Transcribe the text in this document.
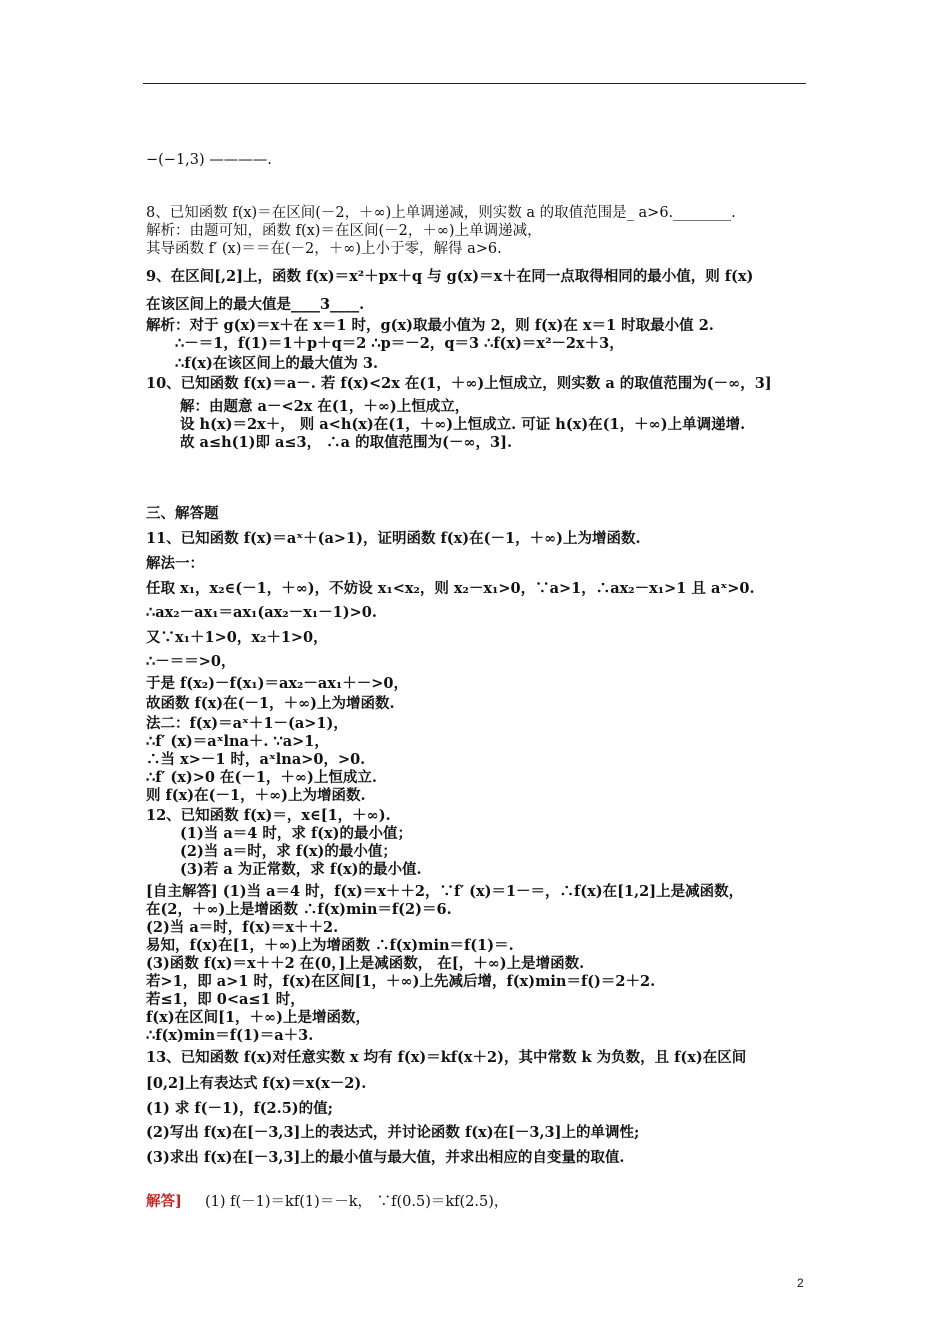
−(−1,3) ————.
8、已知函数 f(x)＝在区间(－2，＋∞)上单调递减，则实数 a 的取值范围是_ a>6.________.
解析：由题可知，函数 f(x)＝在区间(－2，＋∞)上单调递减，
其导函数 f′ (x)＝＝在(－2，＋∞)上小于零，解得 a>6.
9、在区间[,2]上，函数 f(x)＝x²＋px＋q 与 g(x)＝x＋在同一点取得相同的最小值，则 f(x)
在该区间上的最大值是____3____.
解析：对于 g(x)＝x＋在 x＝1 时，g(x)取最小值为 2，则 f(x)在 x＝1 时取最小值 2.
∴－＝1，f(1)＝1＋p＋q＝2 ∴p＝－2，q＝3 ∴f(x)＝x²－2x＋3，
∴f(x)在该区间上的最大值为 3.
10、已知函数 f(x)＝a－. 若 f(x)<2x 在(1，＋∞)上恒成立，则实数 a 的取值范围为(－∞，3]
解：由题意 a－<2x 在(1，＋∞)上恒成立，
设 h(x)＝2x＋， 则 a<h(x)在(1，＋∞)上恒成立. 可证 h(x)在(1，＋∞)上单调递增.
故 a≤h(1)即 a≤3， ∴a 的取值范围为(－∞，3].
三、解答题
11、已知函数 f(x)＝aˣ＋(a>1)，证明函数 f(x)在(－1，＋∞)上为增函数.
解法一：
任取 x₁，x₂∈(－1，＋∞)，不妨设 x₁<x₂，则 x₂－x₁>0，∵a>1，∴ax₂－x₁>1 且 aˣ>0.
∴ax₂－ax₁＝ax₁(ax₂－x₁－1)>0.
又∵x₁＋1>0，x₂＋1>0，
∴－＝＝>0，
于是 f(x₂)－f(x₁)＝ax₂－ax₁＋－>0，
故函数 f(x)在(－1，＋∞)上为增函数.
法二：f(x)＝aˣ＋1－(a>1)，
∴f′ (x)＝aˣlna＋. ∵a>1，
∴当 x>－1 时，aˣlna>0，>0.
∴f′ (x)>0 在(－1，＋∞)上恒成立.
则 f(x)在(－1，＋∞)上为增函数.
12、已知函数 f(x)＝，x∈[1，＋∞).
(1)当 a＝4 时，求 f(x)的最小值；
(2)当 a＝时，求 f(x)的最小值；
(3)若 a 为正常数，求 f(x)的最小值.
[自主解答] (1)当 a＝4 时，f(x)＝x＋＋2，∵f′ (x)＝1－＝，∴f(x)在[1,2]上是减函数，
在(2，＋∞)上是增函数 ∴f(x)min＝f(2)＝6.
(2)当 a＝时，f(x)＝x＋＋2.
易知，f(x)在[1，＋∞)上为增函数 ∴f(x)min＝f(1)＝.
(3)函数 f(x)＝x＋＋2 在(0，]上是减函数， 在[，＋∞)上是增函数.
若>1，即 a>1 时，f(x)在区间[1，＋∞)上先减后增，f(x)min＝f()＝2＋2.
若≤1，即 0<a≤1 时，
f(x)在区间[1，＋∞)上是增函数，
∴f(x)min＝f(1)＝a＋3.
13、已知函数 f(x)对任意实数 x 均有 f(x)＝kf(x＋2)，其中常数 k 为负数，且 f(x)在区间
[0,2]上有表达式 f(x)＝x(x－2).
(1) 求 f(－1)，f(2.5)的值;
(2)写出 f(x)在[－3,3]上的表达式，并讨论函数 f(x)在[－3,3]上的单调性;
(3)求出 f(x)在[－3,3]上的最小值与最大值，并求出相应的自变量的取值.
解答] (1) f(－1)＝kf(1)＝－k， ∵f(0.5)＝kf(2.5)，
2
